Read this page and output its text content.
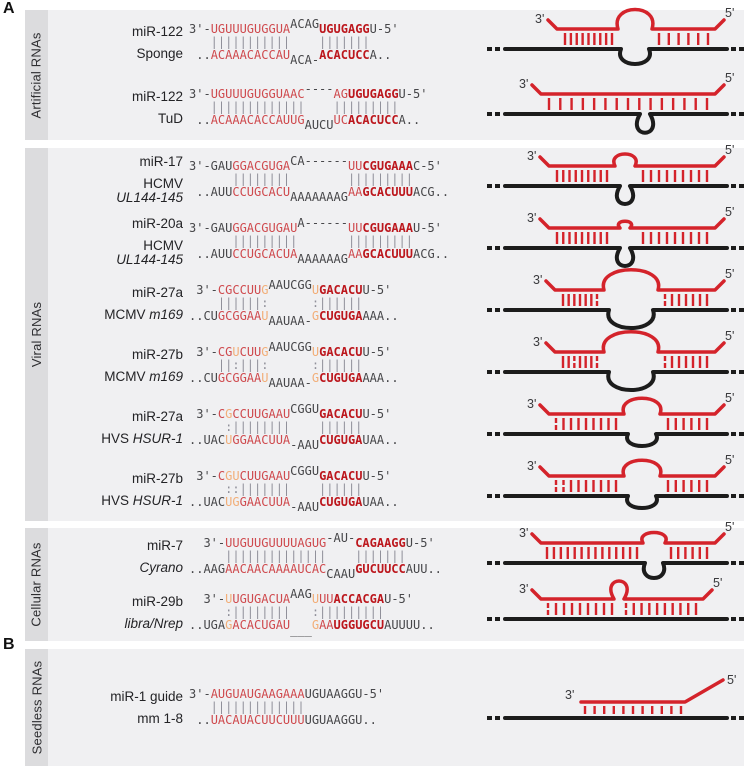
A
B
Artificial RNAs
miR-122
Sponge
3'-UGUUUGUGGUAACAGUGUGAGGU-5'
|||||||||||    |||||||
..ACAAACACCAUACA-ACACUCCA..
3'	5'
miR-122
TuD
3'-UGUUUGUGGUAAC----AGUGUGAGGU-5'
|||||||||||||    |||||||||
..ACAAACACCAUUGAUCUUCACACUCCA..
3'	5'
Viral RNAs
miR-17
HCMV
UL144-145
3'-GAUGGACGUGACA------UUCGUGAAAC-5'
||||||||        |||||||||
..AUUCCUGCACUAAAAAAAGAAGCACUUUACG..
3'	5'
miR-20a
HCMV
UL144-145
3'-GAUGGACGUGAUA------UUCGUGAAAU-5'
|||||||||       |||||||||
..AUUCCUGCACUAAAAAAAGAAGCACUUUACG..
3'	5'
miR-27a
MCMV m169
3'-CGCCUUGAAUCGGUGACACUU-5'
||||||:      :||||||
..CUGCGGAAUAAUAA-GCUGUGAAAA..
3'	5'
miR-27b
MCMV m169
3'-CGUCUUGAAUCGGUGACACUU-5'
||:|||:      :||||||
..CUGCGGAAUAAUAA-GCUGUGAAAA..
3'	5'
miR-27a
HVS HSUR-1
3'-CGCCUUGAAUCGGUGACACUU-5'
:||||||||    ||||||
..UACUGGAACUUA-AAUCUGUGAUAA..
3'	5'
miR-27b
HVS HSUR-1
3'-CGUCUUGAAUCGGUGACACUU-5'
::|||||||    ||||||
..UACUGGAACUUA-AAUCUGUGAUAA..
3'	5'
Cellular RNAs	miR-7
Cyrano
3'-UUGUUGUUUUAGUG-AU-CAGAAGGU-5'
||||||||||||||    |||||||
..AAGAACAACAAAAUCACCAAUGUCUUCCAUU..
3'	5'
miR-29b
libra/Nrep
3'-UUGUGACUAAAGUUUACCACGAU-5'
:||||||||   :|||||||||
..UGAGACACUGAU___GAAUGGUGCUAUUUU..
3'	5'
Seedless RNAs	miR-1 guide
mm 1-8
3'-AUGUAUGAAGAAAUGUAAGGU-5'
|||||||||||||
..UACAUACUUCUUUUGUAAGGU..
3'
5'
